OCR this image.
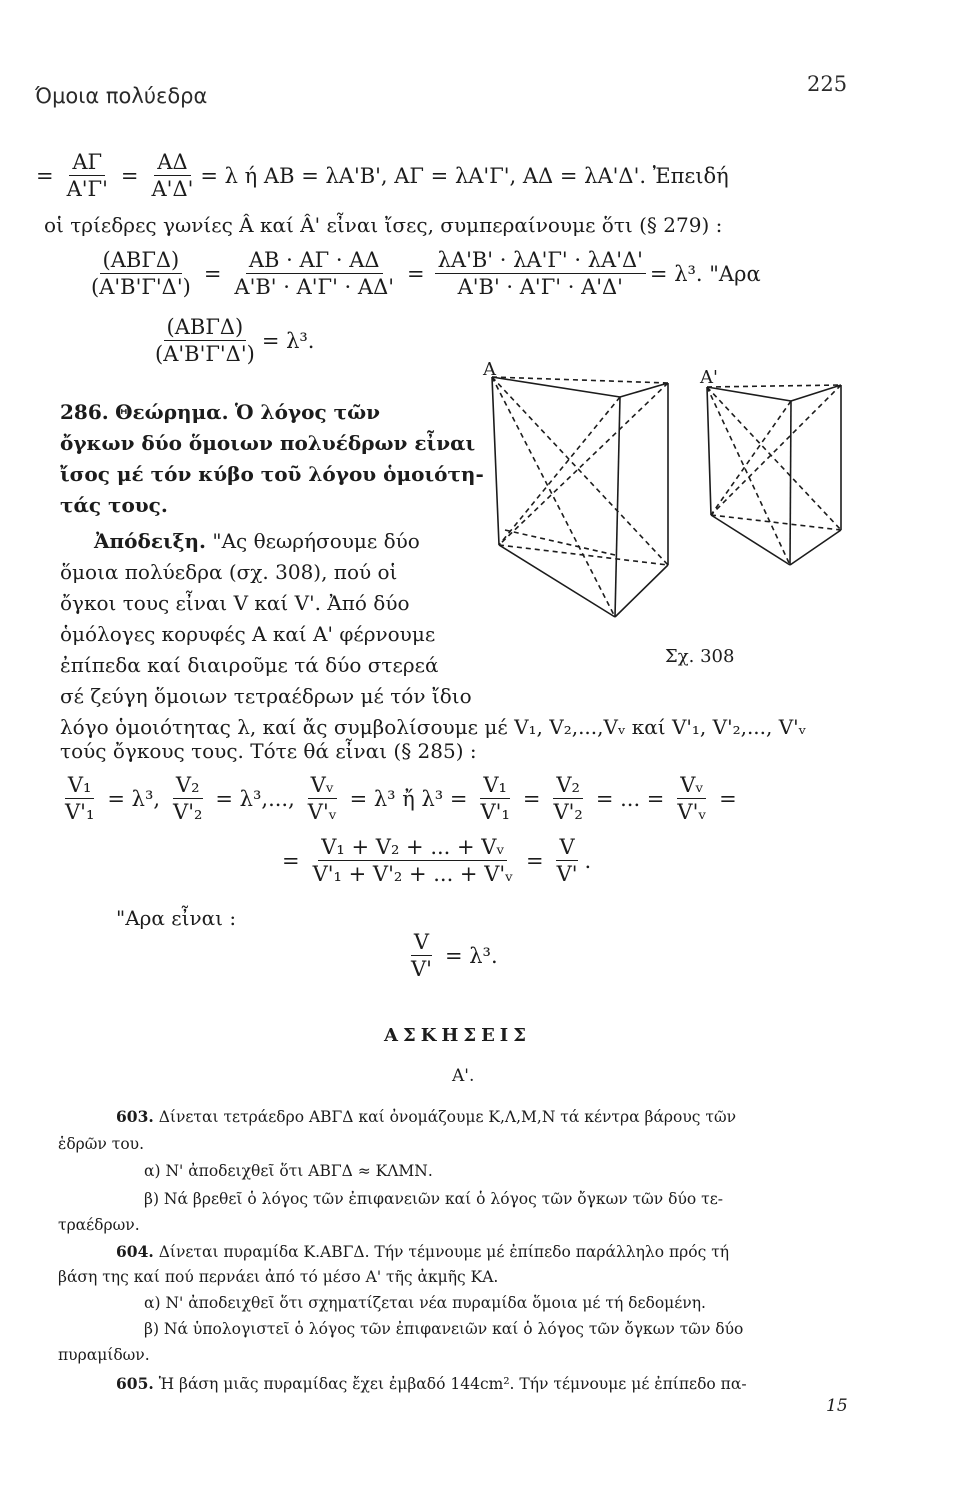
Όμοια πολύεδρα	225
= $\frac{A\Gamma}{A'\Gamma'} = \frac{A\Delta}{A'\Delta'} = \lambda$ ή ΑΒ = λΑ'Β', ΑΓ = λΑ'Γ', ΑΔ = λΑ'Δ'. Ἐπειδή
οἱ τρίεδρες γωνίες Â καί Â' εἶναι ἴσες, συμπεραίνουμε ὅτι (§ 279) :
$\frac{\text{(ΑΒΓΔ)}}{(A'B'\Gamma'\Delta')} = \frac{AB \cdot A\Gamma \cdot A\Delta}{A'B' \cdot A'\Gamma' \cdot A\Delta'} = \frac{\lambda A'B' \cdot \lambda A'\Gamma' \cdot \lambda A'\Delta'}{A'B' \cdot A'\Gamma' \cdot A'\Delta'} = \lambda^3$. "Αρα
$\frac{\text{(ΑΒΓΔ)}}{(A'B'\Gamma'\Delta')} = \lambda^3$.
286. Θεώρημα. Ὁ λόγος τῶν
ὄγκων δύο ὅμοιων πολυέδρων εἶναι
ἴσος μέ τόν κύβο τοῦ λόγου ὁμοιότη-
τάς τους.
Ἀπόδειξη. "Ας θεωρήσουμε δύο
ὅμοια πολύεδρα (σχ. 308), πού οἱ
ὄγκοι τους εἶναι V καί V'. Ἀπό δύο
ὁμόλογες κορυφές Α καί Α' φέρνουμε
ἐπίπεδα καί διαιροῦμε τά δύο στερεά
σέ ζεύγη ὅμοιων τετραέδρων μέ τόν ἴδιο
λόγο ὁμοιότητας λ, καί ἄς συμβολίσουμε μέ V₁, V₂,...,Vᵥ καί V'₁, V'₂,..., V'ᵥ
τούς ὄγκους τους. Τότε θά εἶναι (§ 285) :
Α	Α'
Σχ. 308
$\frac{\text{V₁}}{\text{V'₁}} = \lambda^3$, $\frac{\text{V₂}}{\text{V'₂}} = \lambda^3$,..., $\frac{\text{Vᵥ}}{\text{V'ᵥ}} = \lambda^3$ ἤ $\lambda^3 = \frac{\text{V₁}}{\text{V'₁}} = \frac{\text{V₂}}{\text{V'₂}}$ = ... = $\frac{\text{Vᵥ}}{\text{V'ᵥ}}$ =
= $\frac{\text{V₁ + V₂ + ... + Vᵥ}}{\text{V'₁ + V'₂ + ... + V'ᵥ}} = \frac{V}{V'}$ .
"Αρα εἶναι :
$\frac{V}{V'} = \lambda^3$.
ΑΣΚΗΣΕΙΣ
Α'.
603. Δίνεται τετράεδρο ΑΒΓΔ καί ὀνομάζουμε Κ,Λ,Μ,Ν τά κέντρα βάρους τῶν
ἑδρῶν του.
α) Ν' ἀποδειχθεῖ ὅτι ΑΒΓΔ ≈ ΚΛΜΝ.
β) Νά βρεθεῖ ὁ λόγος τῶν ἐπιφανειῶν καί ὁ λόγος τῶν ὄγκων τῶν δύο τε-
τραέδρων.
604. Δίνεται πυραμίδα Κ.ΑΒΓΔ. Τήν τέμνουμε μέ ἐπίπεδο παράλληλο πρός τή
βάση της καί πού περνάει ἀπό τό μέσο Α' τῆς ἀκμῆς ΚΑ.
α) Ν' ἀποδειχθεῖ ὅτι σχηματίζεται νέα πυραμίδα ὅμοια μέ τή δεδομένη.
β) Νά ὑπολογιστεῖ ὁ λόγος τῶν ἐπιφανειῶν καί ὁ λόγος τῶν ὄγκων τῶν δύο
πυραμίδων.
605. Ἡ βάση μιᾶς πυραμίδας ἔχει ἐμβαδό 144cm². Τήν τέμνουμε μέ ἐπίπεδο πα-
15
